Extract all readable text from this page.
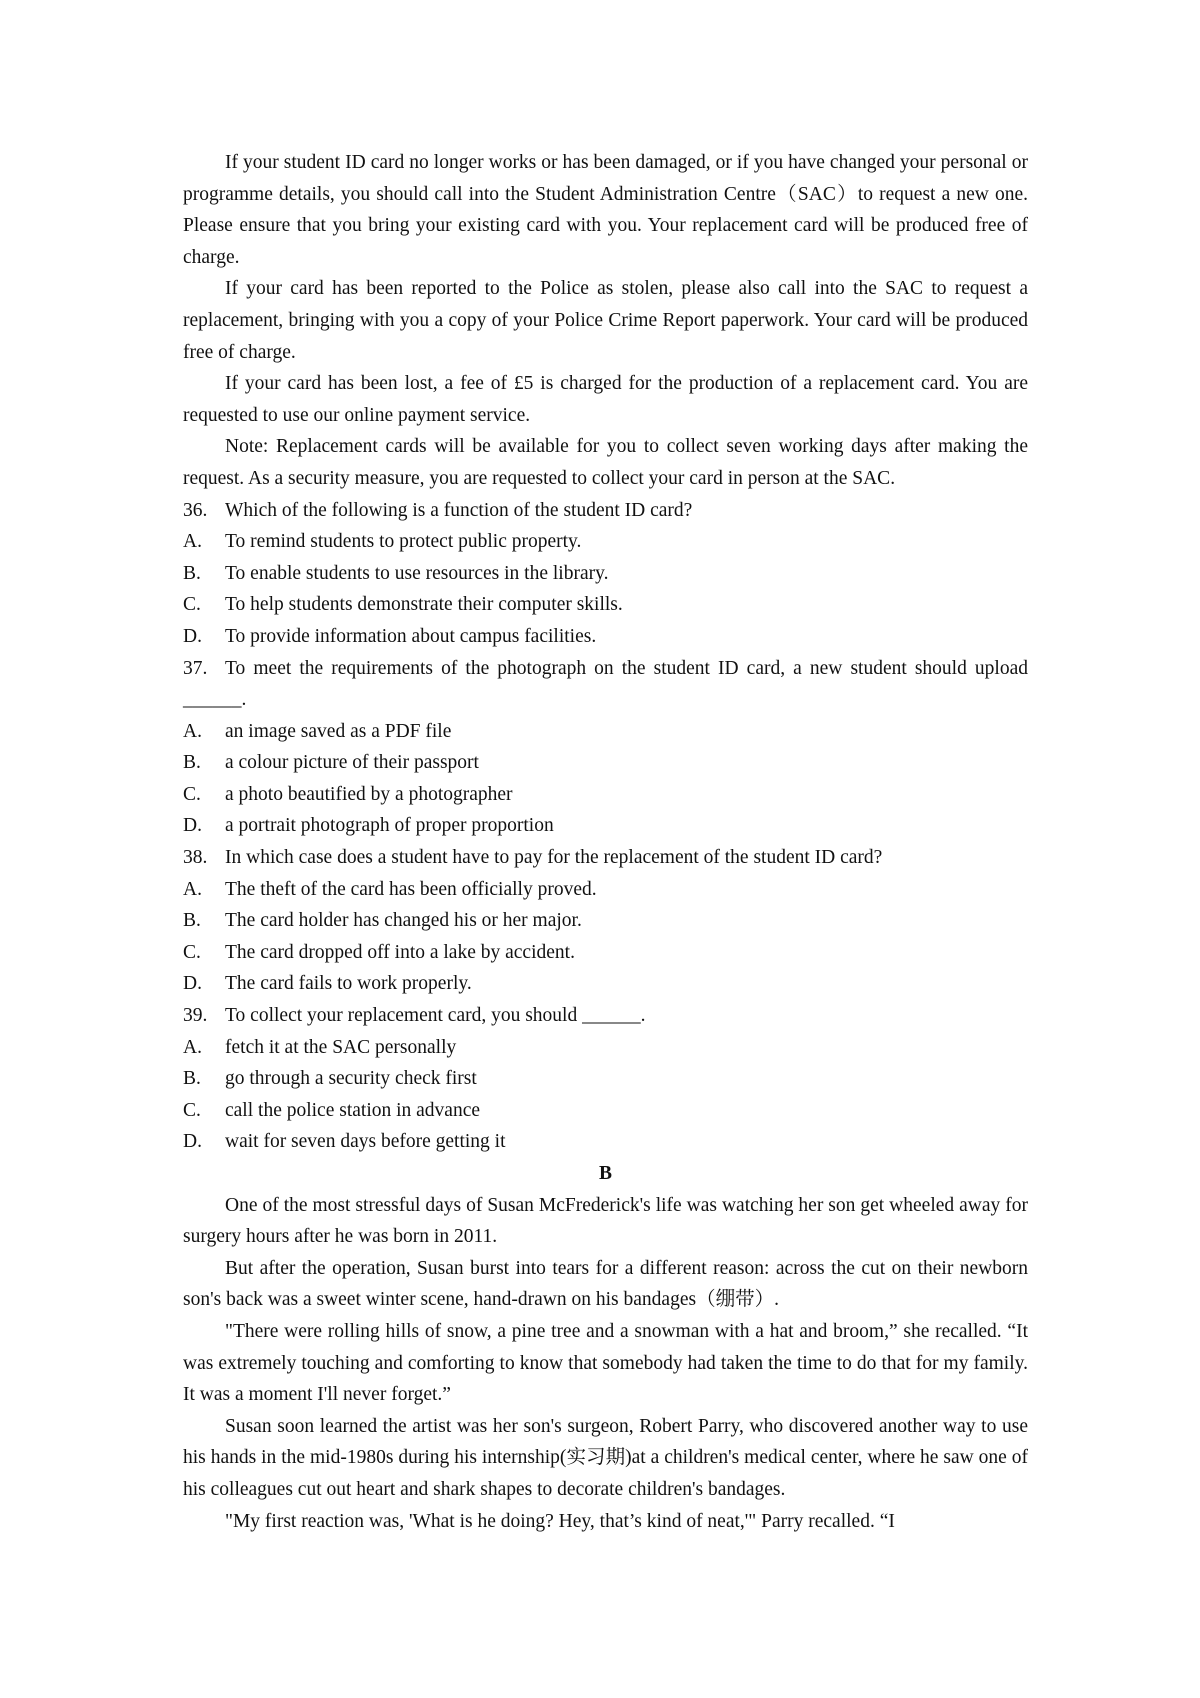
If your student ID card no longer works or has been damaged, or if you have changed your personal or programme details, you should call into the Student Administration Centre（SAC）to request a new one. Please ensure that you bring your existing card with you. Your replacement card will be produced free of charge.

If your card has been reported to the Police as stolen, please also call into the SAC to request a replacement, bringing with you a copy of your Police Crime Report paperwork. Your card will be produced free of charge.

If your card has been lost, a fee of £5 is charged for the production of a replacement card. You are requested to use our online payment service.

Note: Replacement cards will be available for you to collect seven working days after making the request. As a security measure, you are requested to collect your card in person at the SAC.

36. Which of the following is a function of the student ID card?

A.	To remind students to protect public property.

B.	To enable students to use resources in the library.

C.	To help students demonstrate their computer skills.

D.	To provide information about campus facilities.

37. To meet the requirements of the photograph on the student ID card, a new student should upload ______.

A.	an image saved as a PDF file

B.	a colour picture of their passport

C.	a photo beautified by a photographer

D.	a portrait photograph of proper proportion

38. In which case does a student have to pay for the replacement of the student ID card?

A.	The theft of the card has been officially proved.

B.	The card holder has changed his or her major.

C.	The card dropped off into a lake by accident.

D.	The card fails to work properly.

39. To collect your replacement card, you should ______.

A.	fetch it at the SAC personally

B.	go through a security check first

C.	call the police station in advance

D.	wait for seven days before getting it

B

One of the most stressful days of Susan McFrederick's life was watching her son get wheeled away for surgery hours after he was born in 2011.

But after the operation, Susan burst into tears for a different reason: across the cut on their newborn son's back was a sweet winter scene, hand-drawn on his bandages（绷带）.

"There were rolling hills of snow, a pine tree and a snowman with a hat and broom,” she recalled. “It was extremely touching and comforting to know that somebody had taken the time to do that for my family. It was a moment I'll never forget.”

Susan soon learned the artist was her son's surgeon, Robert Parry, who discovered another way to use his hands in the mid-1980s during his internship(实习期)at a children's medical center, where he saw one of his colleagues cut out heart and shark shapes to decorate children's bandages.

"My first reaction was, 'What is he doing? Hey, that’s kind of neat,'" Parry recalled. “I
